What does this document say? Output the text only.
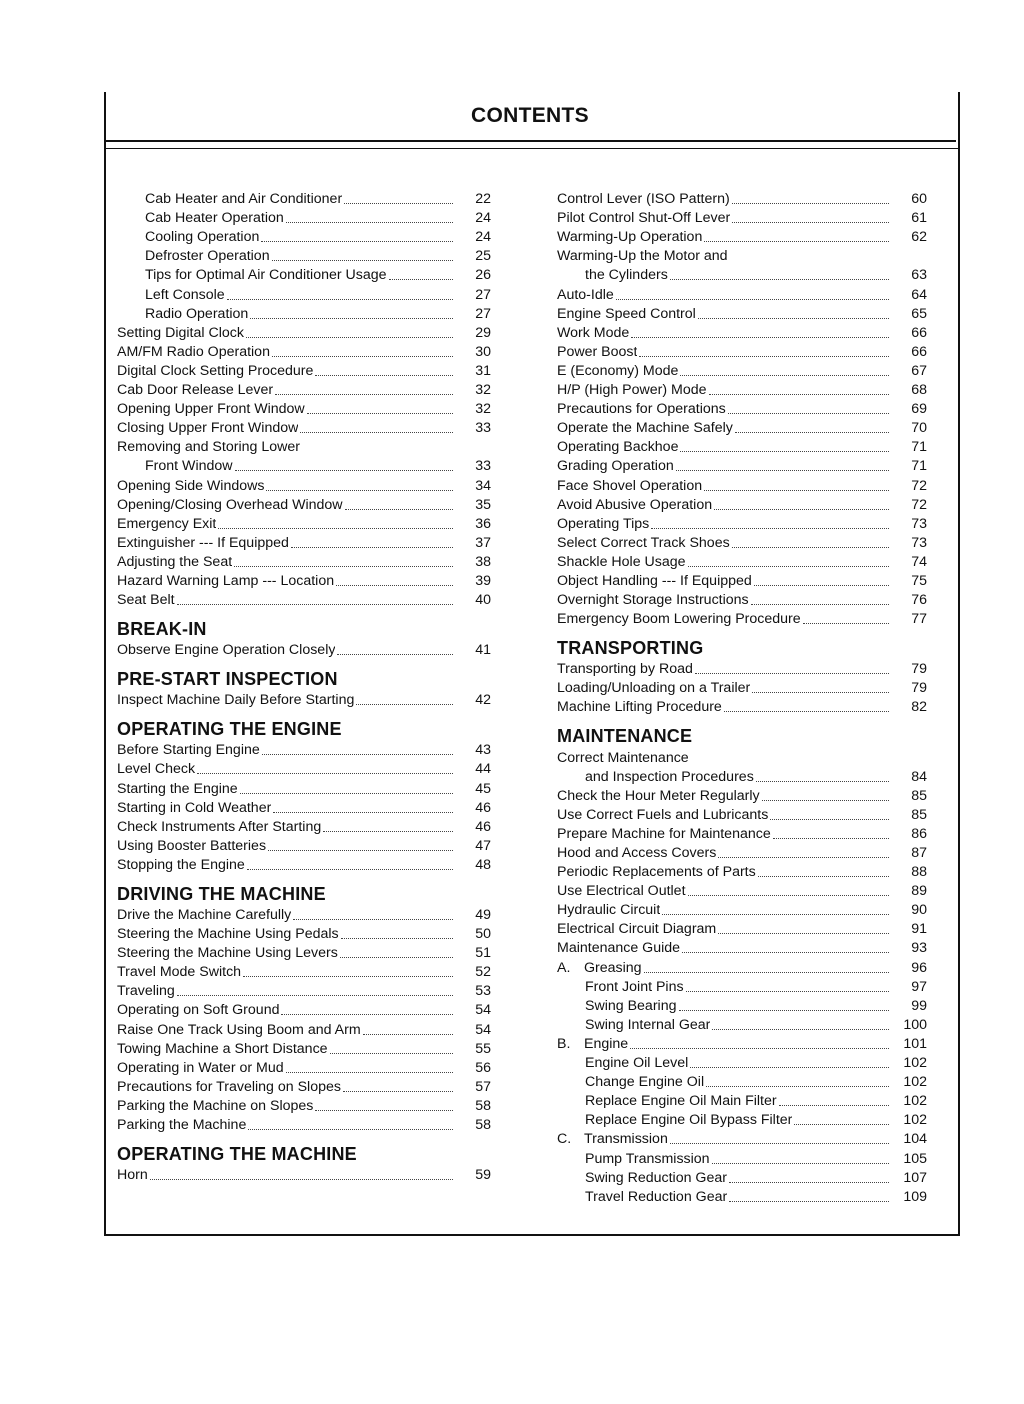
CONTENTS
Cab Heater and Air Conditioner	22
Cab Heater Operation	24
Cooling Operation	24
Defroster Operation	25
Tips for Optimal Air Conditioner Usage	26
Left Console	27
Radio Operation	27
Setting Digital Clock	29
AM/FM Radio Operation	30
Digital Clock Setting Procedure	31
Cab Door Release Lever	32
Opening Upper Front Window	32
Closing Upper Front Window	33
Removing and Storing Lower
Front Window	33
Opening Side Windows	34
Opening/Closing Overhead Window	35
Emergency Exit	36
Extinguisher --- If Equipped	37
Adjusting the Seat	38
Hazard Warning Lamp --- Location	39
Seat Belt	40
BREAK-IN
Observe Engine Operation Closely	41
PRE-START INSPECTION
Inspect Machine Daily Before Starting	42
OPERATING THE ENGINE
Before Starting Engine	43
Level Check	44
Starting the Engine	45
Starting in Cold Weather	46
Check Instruments After Starting	46
Using Booster Batteries	47
Stopping the Engine	48
DRIVING THE MACHINE
Drive the Machine Carefully	49
Steering the Machine Using Pedals	50
Steering the Machine Using Levers	51
Travel Mode Switch	52
Traveling	53
Operating on Soft Ground	54
Raise One Track Using Boom and Arm	54
Towing Machine a Short Distance	55
Operating in Water or Mud	56
Precautions for Traveling on Slopes	57
Parking the Machine on Slopes	58
Parking the Machine	58
OPERATING THE MACHINE
Horn	59
Control Lever (ISO Pattern)	60
Pilot Control Shut-Off Lever	61
Warming-Up Operation	62
Warming-Up the Motor and
the Cylinders	63
Auto-Idle	64
Engine Speed Control	65
Work Mode	66
Power Boost	66
E (Economy) Mode	67
H/P (High Power) Mode	68
Precautions for Operations	69
Operate the Machine Safely	70
Operating Backhoe	71
Grading Operation	71
Face Shovel Operation	72
Avoid Abusive Operation	72
Operating Tips	73
Select Correct Track Shoes	73
Shackle Hole Usage	74
Object Handling --- If Equipped	75
Overnight Storage Instructions	76
Emergency Boom Lowering Procedure	77
TRANSPORTING
Transporting by Road	79
Loading/Unloading on a Trailer	79
Machine Lifting Procedure	82
MAINTENANCE
Correct Maintenance
and Inspection Procedures	84
Check the Hour Meter Regularly	85
Use Correct Fuels and Lubricants	85
Prepare Machine for Maintenance	86
Hood and Access Covers	87
Periodic Replacements of Parts	88
Use Electrical Outlet	89
Hydraulic Circuit	90
Electrical Circuit Diagram	91
Maintenance Guide	93
A. Greasing	96
Front Joint Pins	97
Swing Bearing	99
Swing Internal Gear	100
B. Engine	101
Engine Oil Level	102
Change Engine Oil	102
Replace Engine Oil Main Filter	102
Replace Engine Oil Bypass Filter	102
C. Transmission	104
Pump Transmission	105
Swing Reduction Gear	107
Travel Reduction Gear	109
